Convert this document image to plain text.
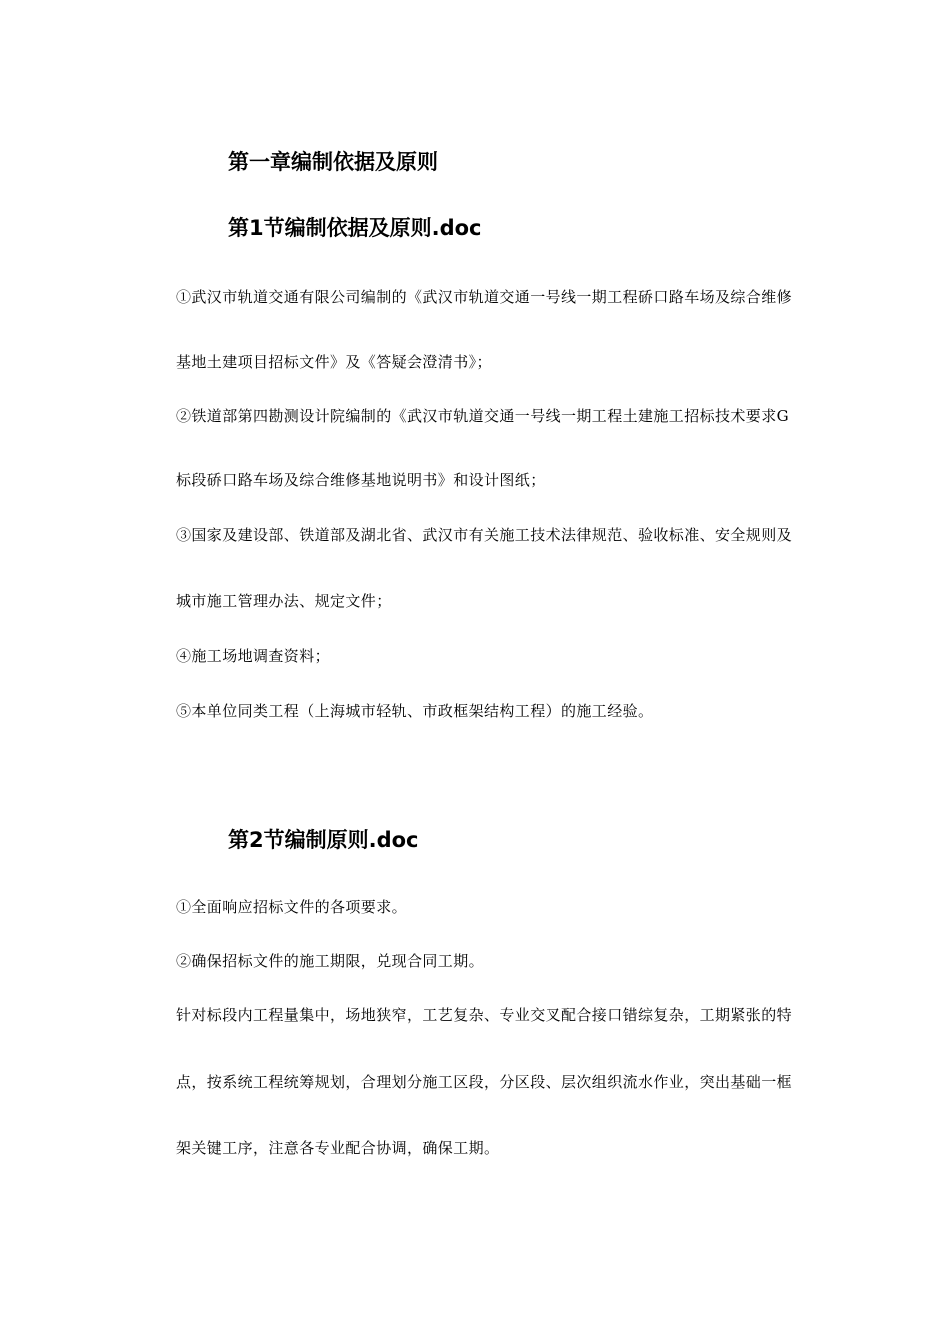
第一章编制依据及原则
第1节编制依据及原则.doc
①武汉市轨道交通有限公司编制的《武汉市轨道交通一号线一期工程硚口路车场及综合维修
基地土建项目招标文件》及《答疑会澄清书》；
②铁道部第四勘测设计院编制的《武汉市轨道交通一号线一期工程土建施工招标技术要求G
标段硚口路车场及综合维修基地说明书》和设计图纸；
③国家及建设部、铁道部及湖北省、武汉市有关施工技术法律规范、验收标准、安全规则及
城市施工管理办法、规定文件；
④施工场地调查资料；
⑤本单位同类工程（上海城市轻轨、市政框架结构工程）的施工经验。
第2节编制原则.doc
①全面响应招标文件的各项要求。
②确保招标文件的施工期限，兑现合同工期。
针对标段内工程量集中，场地狭窄，工艺复杂、专业交叉配合接口错综复杂，工期紧张的特
点，按系统工程统筹规划，合理划分施工区段，分区段、层次组织流水作业，突出基础一框
架关键工序，注意各专业配合协调，确保工期。
